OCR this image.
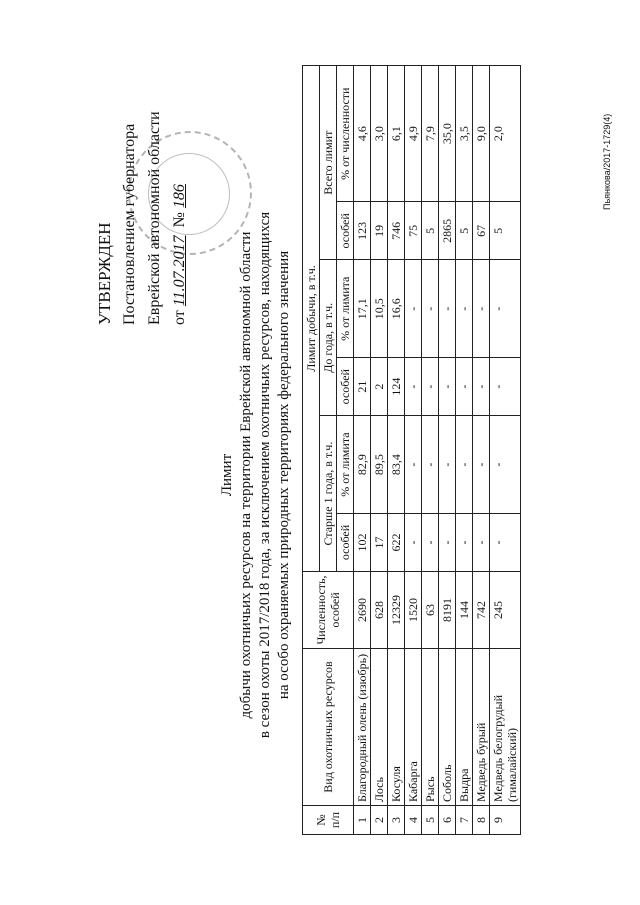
УТВЕРЖДЕН Постановлением губернатора Еврейской автономной области от 11.07.2017  № 186	Пьянкова/2017-1729(4)
Лимит добычи охотничьих ресурсов на территории Еврейской автономной области в сезон охоты 2017/2018 года, за исключением охотничьих ресурсов, находящихся на особо охраняемых природных территориях федерального значения
№ п/п	Вид охотничьих ресурсов	Численность, особей	Лимит добычи, в т.ч.					
			Старше 1 года, в т.ч.		До года, в т.ч.		Всего лимит	
			особей	% от лимита	особей	% от лимита	особей	% от численности
1	Благородный олень (изюбрь)	2690	102	82,9	21	17,1	123	4,6
2	Лось	628	17	89,5	2	10,5	19	3,0
3	Косуля	12329	622	83,4	124	16,6	746	6,1
4	Кабарга	1520	-	-	-	-	75	4,9
5	Рысь	63	-	-	-	-	5	7,9
6	Соболь	8191	-	-	-	-	2865	35,0
7	Выдра	144	-	-	-	-	5	3,5
8	Медведь бурый	742	-	-	-	-	67	9,0
9	Медведь белогрудый (гималайский)	245	-	-	-	-	5	2,0
